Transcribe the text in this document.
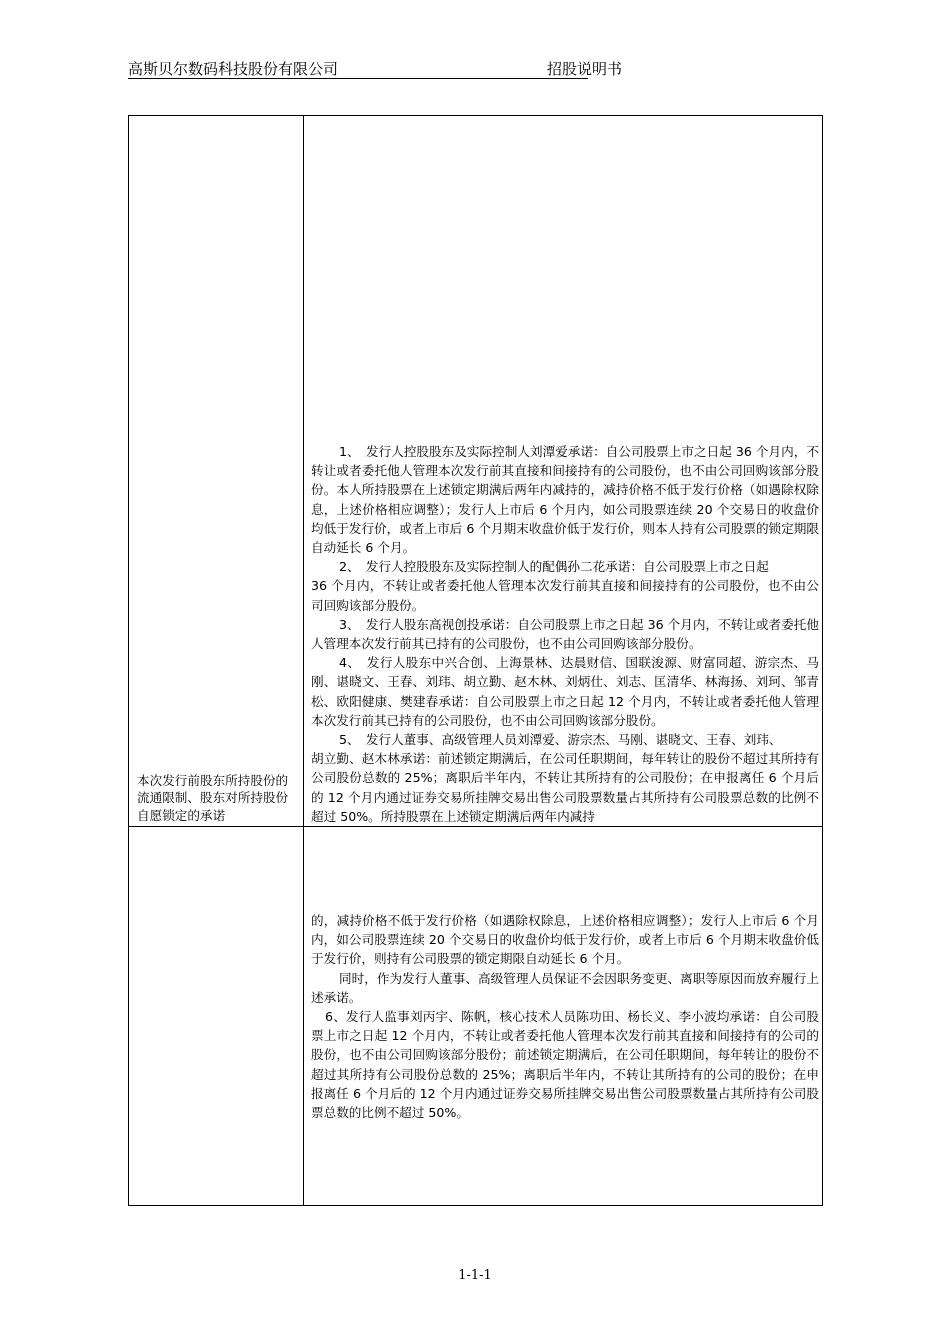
高斯贝尔数码科技股份有限公司	招股说明书
本次发行前股东所持股份的流通限制、股东对所持股份自愿锁定的承诺

1、　发行人控股股东及实际控制人刘潭爱承诺：自公司股票上市之日起 36 个月内，不转让或者委托他人管理本次发行前其直接和间接持有的公司股份，也不由公司回购该部分股份。本人所持股票在上述锁定期满后两年内减持的，减持价格不低于发行价格（如遇除权除息，上述价格相应调整）；发行人上市后 6 个月内，如公司股票连续 20 个交易日的收盘价均低于发行价，或者上市后 6 个月期末收盘价低于发行价，则本人持有公司股票的锁定期限自动延长 6 个月。

2、　发行人控股股东及实际控制人的配偶孙二花承诺：自公司股票上市之日起

36 个月内，不转让或者委托他人管理本次发行前其直接和间接持有的公司股份，也不由公司回购该部分股份。

3、　发行人股东高视创投承诺：自公司股票上市之日起 36 个月内，不转让或者委托他人管理本次发行前其已持有的公司股份，也不由公司回购该部分股份。

4、　发行人股东中兴合创、上海景林、达晨财信、国联浚源、财富同超、游宗杰、马刚、谌晓文、王春、刘玮、胡立勤、赵木林、刘炳仕、刘志、匡清华、林海扬、刘珂、邹青松、欧阳健康、樊建春承诺：自公司股票上市之日起 12 个月内，不转让或者委托他人管理本次发行前其已持有的公司股份，也不由公司回购该部分股份。

5、　发行人董事、高级管理人员刘潭爱、游宗杰、马刚、谌晓文、王春、刘玮、

胡立勤、赵木林承诺：前述锁定期满后，在公司任职期间，每年转让的股份不超过其所持有公司股份总数的 25%；离职后半年内，不转让其所持有的公司股份；在申报离任 6 个月后的 12 个月内通过证券交易所挂牌交易出售公司股票数量占其所持有公司股票总数的比例不超过 50%。所持股票在上述锁定期满后两年内减持

的，减持价格不低于发行价格（如遇除权除息，上述价格相应调整）；发行人上市后 6 个月内，如公司股票连续 20 个交易日的收盘价均低于发行价，或者上市后 6 个月期末收盘价低于发行价，则持有公司股票的锁定期限自动延长 6 个月。

同时，作为发行人董事、高级管理人员保证不会因职务变更、离职等原因而放弃履行上述承诺。

6、发行人监事刘丙宇、陈帆，核心技术人员陈功田、杨长义、李小波均承诺：自公司股票上市之日起 12 个月内，不转让或者委托他人管理本次发行前其直接和间接持有的公司的股份，也不由公司回购该部分股份；前述锁定期满后，在公司任职期间，每年转让的股份不超过其所持有公司股份总数的 25%；离职后半年内，不转让其所持有的公司的股份；在申报离任 6 个月后的 12 个月内通过证券交易所挂牌交易出售公司股票数量占其所持有公司股票总数的比例不超过 50%。

1-1-1
